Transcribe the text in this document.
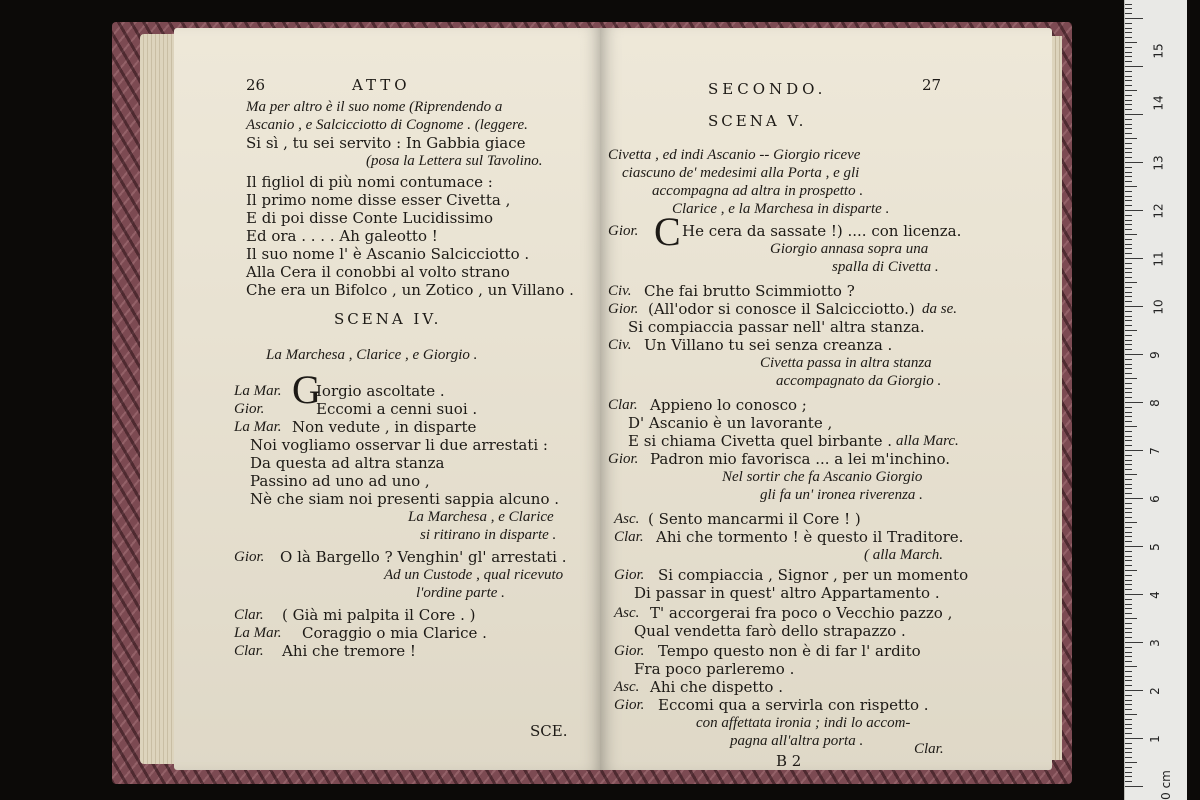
26	ATTO
Ma per altro è il suo nome (Riprendendo a
Ascanio , e Salcicciotto di Cognome . (leggere.
Si sì , tu sei servito : In Gabbia giace
(posa la Lettera sul Tavolino.
Il figliol di più nomi contumace :
Il primo nome disse esser Civetta ,
E di poi disse Conte Lucidissimo
Ed ora . . . . Ah galeotto !
Il suo nome l' è Ascanio Salcicciotto .
Alla Cera il conobbi al volto strano
Che era un Bifolco , un Zotico , un Villano .
SCENA IV.
La Marchesa , Clarice , e Giorgio .
La Mar. G
Iorgio ascoltate .
Gior.	Eccomi a cenni suoi .
La Mar. Non vedute , in disparte
Noi vogliamo osservar li due arrestati :
Da questa ad altra stanza
Passino ad uno ad uno ,
Nè che siam noi presenti sappia alcuno .
La Marchesa , e Clarice
si ritirano in disparte .
Gior. O là Bargello ? Venghin' gl' arrestati .
Ad un Custode , qual ricevuto
l'ordine parte .
Clar. ( Già mi palpita il Core . )
La Mar. Coraggio o mia Clarice .
Clar. Ahi che tremore !
SCE.
SECONDO.	27
SCENA V.
Civetta , ed indi Ascanio -- Giorgio riceve
ciascuno de' medesimi alla Porta , e gli
accompagna ad altra in prospetto .
Clarice , e la Marchesa in disparte .
Gior. C He cera da sassate !) .... con licenza.
Giorgio annasa sopra una
spalla di Civetta .
Civ. Che fai brutto Scimmiotto ?
Gior. (All'odor si conosce il Salcicciotto.) da se.
Si compiaccia passar nell' altra stanza.
Civ. Un Villano tu sei senza creanza .
Civetta passa in altra stanza
accompagnato da Giorgio .
Clar. Appieno lo conosco ;
D' Ascanio è un lavorante ,
E si chiama Civetta quel birbante . alla Marc.
Gior. Padron mio favorisca ... a lei m'inchino.
Nel sortir che fa Ascanio Giorgio
gli fa un' ironea riverenza .
Asc. ( Sento mancarmi il Core ! )
Clar. Ahi che tormento ! è questo il Traditore.
( alla March.
Gior. Si compiaccia , Signor , per un momento
Di passar in quest' altro Appartamento .
Asc. T' accorgerai fra poco o Vecchio pazzo ,
Qual vendetta farò dello strapazzo .
Gior. Tempo questo non è di far l' ardito
Fra poco parleremo .
Asc. Ahi che dispetto .
Gior. Eccomi qua a servirla con rispetto .
con affettata ironia ; indi lo accom-
pagna all'altra porta .
B 2
Clar.
0 cm
1
2
3
4
5
6
7
8
9
10
11
12
13
14
15
